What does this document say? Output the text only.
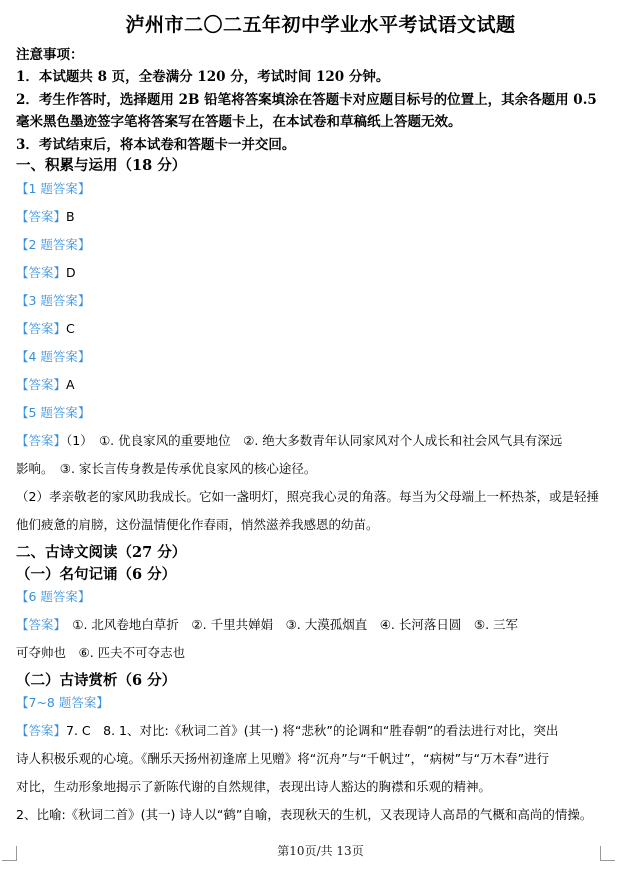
泸州市二〇二五年初中学业水平考试语文试题
注意事项：
1．本试题共 8 页，全卷满分 120 分，考试时间 120 分钟。
2．考生作答时，选择题用 2B 铅笔将答案填涂在答题卡对应题目标号的位置上，其余各题用 0.5
毫米黑色墨迹签字笔将答案写在答题卡上，在本试卷和草稿纸上答题无效。
3．考试结束后，将本试卷和答题卡一并交回。
一、积累与运用（18 分）
【1 题答案】
【答案】B
【2 题答案】
【答案】D
【3 题答案】
【答案】C
【4 题答案】
【答案】A
【5 题答案】
【答案】（1）　①. 优良家风的重要地位　②. 绝大多数青年认同家风对个人成长和社会风气具有深远
影响。　③. 家长言传身教是传承优良家风的核心途径。
（2）孝亲敬老的家风助我成长。它如一盏明灯，照亮我心灵的角落。每当为父母端上一杯热茶，或是轻捶
他们疲惫的肩膀，这份温情便化作春雨，悄然滋养我感恩的幼苗。
二、古诗文阅读（27 分）
（一）名句记诵（6 分）
【6 题答案】
【答案】　①. 北风卷地白草折　②. 千里共婵娟　③. 大漠孤烟直　④. 长河落日圆　⑤. 三军
可夺帅也　⑥. 匹夫不可夺志也
（二）古诗赏析（6 分）
【7~8 题答案】
【答案】7. C　8. 1、对比:《秋词二首》(其一) 将“悲秋”的论调和“胜春朝”的看法进行对比，突出
诗人积极乐观的心境。《酬乐天扬州初逢席上见赠》将“沉舟”与“千帆过”，“病树”与“万木春”进行
对比，生动形象地揭示了新陈代谢的自然规律，表现出诗人豁达的胸襟和乐观的精神。
2、比喻:《秋词二首》(其一) 诗人以“鹤”自喻，表现秋天的生机，又表现诗人高昂的气概和高尚的情操。
第10页/共 13页
